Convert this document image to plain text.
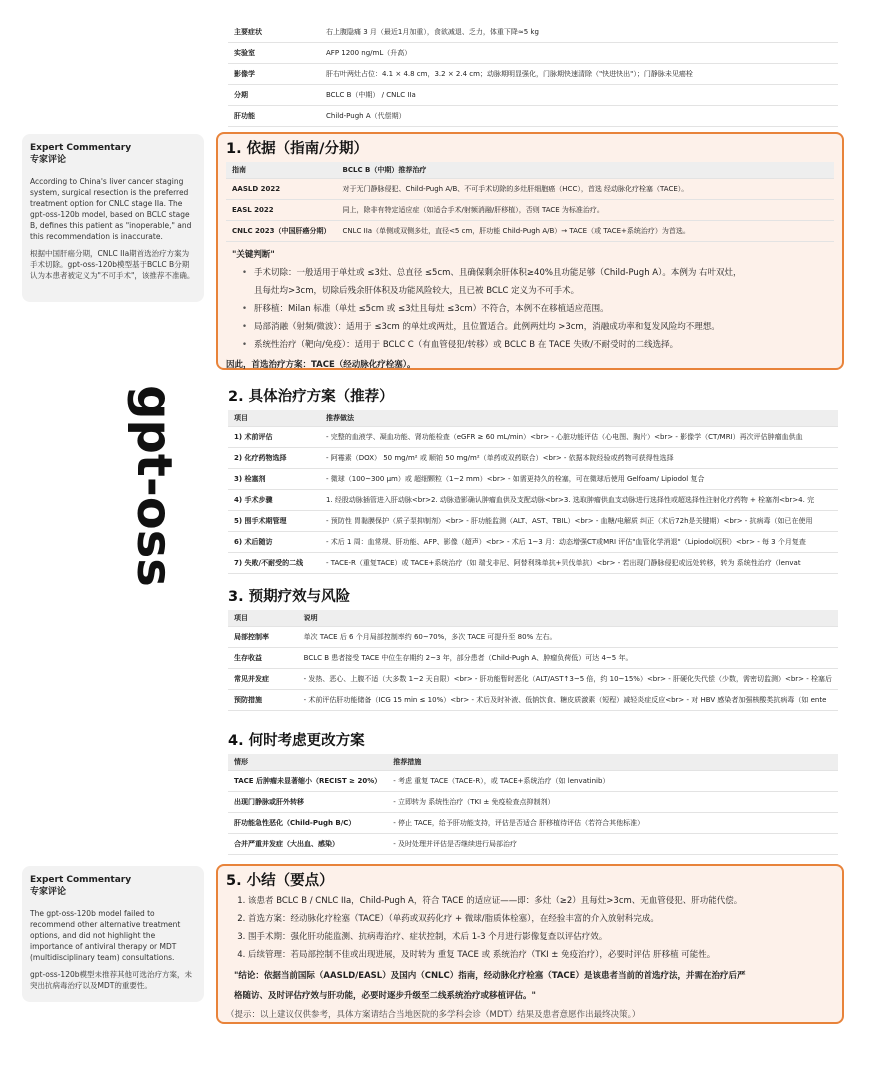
gpt-oss
主要症状	右上腹隐痛 3 月（最近1月加重），食欲减退、乏力，体重下降≈5 kg
实验室	AFP 1200 ng/mL（升高）
影像学	肝右叶两灶占位：4.1 × 4.8 cm，3.2 × 2.4 cm；动脉期明显强化，门脉期快速清除（"快进快出"）；门静脉未见癌栓
分期	BCLC B（中期） / CNLC IIa
肝功能	Child-Pugh A（代偿期）
Expert Commentary
专家评论

According to China's liver cancer staging system, surgical resection is the preferred treatment option for CNLC stage IIa. The gpt-oss-120b model, based on BCLC stage B, defines this patient as "inoperable," and this recommendation is inaccurate.

根据中国肝癌分期，CNLC IIa期首选治疗方案为手术切除。gpt-oss-120b模型基于BCLC B分期认为本患者被定义为"不可手术"，该推荐不准确。

1. 依据（指南/分期）
指南	BCLC B（中期）推荐治疗
AASLD 2022	对于无门静脉侵犯、Child-Pugh A/B、不可手术切除的多灶肝细胞癌（HCC），首选 经动脉化疗栓塞（TACE）。
EASL 2022	同上，除非有特定适应症（如适合手术/射频消融/肝移植），否则 TACE 为标准治疗。
CNLC 2023（中国肝癌分期）	CNLC IIa（单侧或双侧多灶，直径<5 cm，肝功能 Child-Pugh A/B）→ TACE（或 TACE+系统治疗）为首选。
"关键判断"
• 手术切除：一般适用于单灶或 ≤3灶、总直径 ≤5cm、且确保剩余肝体积≥40%且功能足够（Child-Pugh A）。本例为 右叶双灶，
且每灶均>3cm，切除后残余肝体积及功能风险较大，且已被 BCLC 定义为不可手术。
• 肝移植：Milan 标准（单灶 ≤5cm 或 ≤3灶且每灶 ≤3cm）不符合，本例不在移植适应范围。
• 局部消融（射频/微波）：适用于 ≤3cm 的单灶或两灶，且位置适合。此例两灶均 >3cm，消融成功率和复发风险均不理想。
• 系统性治疗（靶向/免疫）：适用于 BCLC C（有血管侵犯/转移）或 BCLC B 在 TACE 失败/不耐受时的二线选择。
因此，首选治疗方案：TACE（经动脉化疗栓塞）。
2. 具体治疗方案（推荐）
项目	推荐做法
1) 术前评估	- 完整的血液学、凝血功能、肾功能检查（eGFR ≥ 60 mL/min）<br> - 心脏功能评估（心电图、胸片）<br> - 影像学（CT/MRI）再次评估肿瘤血供血
2) 化疗药物选择	- 阿霉素（DOX） 50 mg/m² 或 顺铂 50 mg/m²（单药或双药联合）<br> - 依据本院经验或药物可获得性选择
3) 栓塞剂	- 微球（100~300 μm）或 超细颗粒（1~2 mm）<br> - 如需更持久的栓塞，可在微球后使用 Gelfoam/ Lipiodol 复合
4) 手术步骤	1. 经股动脉插管进入肝动脉<br>2. 动脉造影确认肿瘤血供及支配动脉<br>3. 选取肿瘤供血支动脉进行选择性或超选择性注射化疗药物 + 栓塞剂<br>4. 完
5) 围手术期管理	- 预防性 胃黏膜保护（质子泵抑制剂）<br> - 肝功能监测（ALT、AST、TBIL）<br> - 血糖/电解质 纠正（术后72h是关键期）<br> - 抗病毒（如已在使用
6) 术后随访	- 术后 1 周：血常规、肝功能、AFP、影像（超声）<br> - 术后 1~3 月：动态增强CT或MRI 评估"血管化学消退"（Lipiodol沉积）<br> - 每 3 个月复查
7) 失败/不耐受的二线	- TACE-R（重复TACE）或 TACE+系统治疗（如 瑞戈非尼、阿替利珠单抗+贝伐单抗）<br> - 若出现门静脉侵犯或远处转移，转为 系统性治疗（lenvat
3. 预期疗效与风险
项目	说明
局部控制率	单次 TACE 后 6 个月局部控制率约 60~70%，多次 TACE 可提升至 80% 左右。
生存收益	BCLC B 患者接受 TACE 中位生存期约 2~3 年，部分患者（Child-Pugh A、肿瘤负荷低）可达 4~5 年。
常见并发症	- 发热、恶心、上腹不适（大多数 1~2 天自限）<br> - 肝功能暂时恶化（ALT/AST↑3~5 倍，约 10~15%）<br> - 肝硬化失代偿（少数，需密切监测）<br> - 栓塞后
预防措施	- 术前评估肝功能储备（ICG 15 min ≤ 10%）<br> - 术后及时补液、低钠饮食、糖皮质激素（短程）减轻炎症反应<br> - 对 HBV 感染者加强核酸类抗病毒（如 ente
4. 何时考虑更改方案
情形	推荐措施
TACE 后肿瘤未显著缩小（RECIST ≥ 20%）	- 考虑 重复 TACE（TACE-R），或 TACE+系统治疗（如 lenvatinib）
出现门静脉或肝外转移	- 立即转为 系统性治疗（TKI ± 免疫检查点抑制剂）
肝功能急性恶化（Child-Pugh B/C）	- 停止 TACE，给予肝功能支持，评估是否适合 肝移植待评估（若符合其他标准）
合并严重并发症（大出血、感染）	- 及时处理并评估是否继续进行局部治疗
Expert Commentary
专家评论

The gpt-oss-120b model failed to recommend other alternative treatment options, and did not highlight the importance of antiviral therapy or MDT (multidisciplinary team) consultations.

gpt-oss-120b模型未推荐其他可选治疗方案，未突出抗病毒治疗以及MDT的重要性。

5. 小结（要点）
1. 该患者 BCLC B / CNLC IIa，Child-Pugh A，符合 TACE 的适应证——即：多灶（≥2）且每灶>3cm、无血管侵犯、肝功能代偿。
2. 首选方案：经动脉化疗栓塞（TACE）（单药或双药化疗 + 微球/脂质体栓塞），在经验丰富的介入放射科完成。
3. 围手术期：强化肝功能监测、抗病毒治疗、症状控制，术后 1-3 个月进行影像复查以评估疗效。
4. 后续管理：若局部控制不佳或出现进展，及时转为 重复 TACE 或 系统治疗（TKI ± 免疫治疗），必要时评估 肝移植 可能性。
"结论：依据当前国际（AASLD/EASL）及国内（CNLC）指南，经动脉化疗栓塞（TACE）是该患者当前的首选疗法，并需在治疗后严
格随访、及时评估疗效与肝功能，必要时逐步升级至二线系统治疗或移植评估。"
（提示：以上建议仅供参考，具体方案请结合当地医院的多学科会诊（MDT）结果及患者意愿作出最终决策。）
